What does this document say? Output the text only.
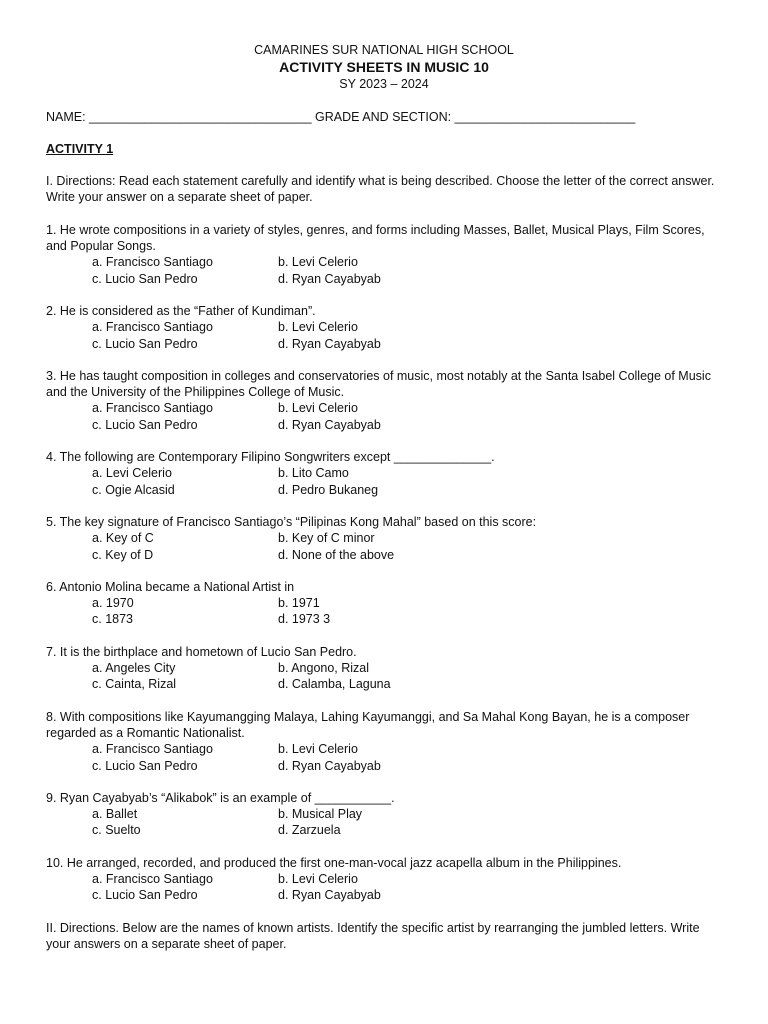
CAMARINES SUR NATIONAL HIGH SCHOOL
ACTIVITY SHEETS IN MUSIC 10
SY 2023 – 2024
NAME: ________________________________ GRADE AND SECTION: __________________________
ACTIVITY 1
I. Directions: Read each statement carefully and identify what is being described. Choose the letter of the correct answer. Write your answer on a separate sheet of paper.
1. He wrote compositions in a variety of styles, genres, and forms including Masses, Ballet, Musical Plays, Film Scores, and Popular Songs.
a. Francisco Santiago	b. Levi Celerio
c. Lucio San Pedro	d. Ryan Cayabyab
2. He is considered as the “Father of Kundiman”.
a. Francisco Santiago	b. Levi Celerio
c. Lucio San Pedro	d. Ryan Cayabyab
3. He has taught composition in colleges and conservatories of music, most notably at the Santa Isabel College of Music and the University of the Philippines College of Music.
a. Francisco Santiago	b. Levi Celerio
c. Lucio San Pedro	d. Ryan Cayabyab
4. The following are Contemporary Filipino Songwriters except ______________.
a. Levi Celerio	b. Lito Camo
c. Ogie Alcasid	d. Pedro Bukaneg
5. The key signature of Francisco Santiago’s “Pilipinas Kong Mahal” based on this score:
a. Key of C	b. Key of C minor
c. Key of D	d. None of the above
6. Antonio Molina became a National Artist in
a. 1970	b. 1971
c. 1873	d. 1973 3
7. It is the birthplace and hometown of Lucio San Pedro.
a. Angeles City	b. Angono, Rizal
c. Cainta, Rizal	d. Calamba, Laguna
8. With compositions like Kayumangging Malaya, Lahing Kayumanggi, and Sa Mahal Kong Bayan, he is a composer regarded as a Romantic Nationalist.
a. Francisco Santiago	b. Levi Celerio
c. Lucio San Pedro	d. Ryan Cayabyab
9. Ryan Cayabyab’s “Alikabok” is an example of ___________.
a. Ballet	b. Musical Play
c. Suelto	d. Zarzuela
10. He arranged, recorded, and produced the first one-man-vocal jazz acapella album in the Philippines.
a. Francisco Santiago	b. Levi Celerio
c. Lucio San Pedro	d. Ryan Cayabyab
II. Directions. Below are the names of known artists. Identify the specific artist by rearranging the jumbled letters. Write your answers on a separate sheet of paper.
